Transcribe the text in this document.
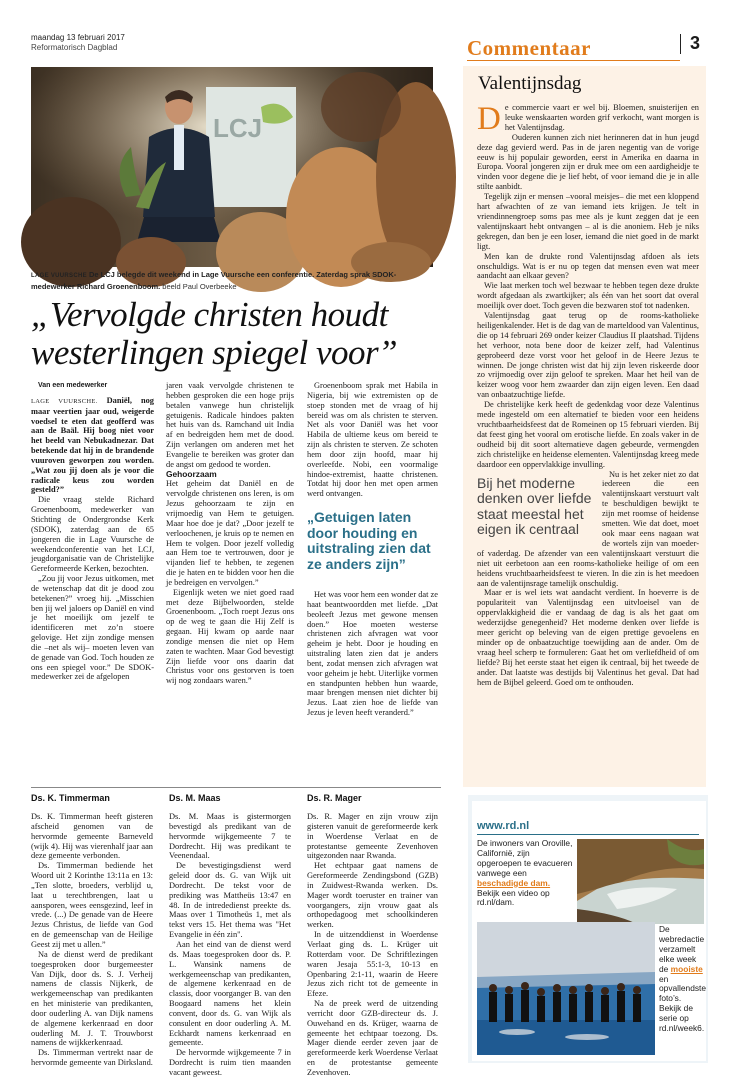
maandag 13 februari 2017
Reformatorisch Dagblad	Commentaar	3
LCJ
LAGE VUURSCHE De LCJ belegde dit weekend in Lage Vuursche een conferentie. Zaterdag sprak SDOK-medewerker Richard Groenenboom. beeld Paul Overbeeke
„Vervolgde christen houdt westerlingen spiegel voor”

Van een medewerker

LAGE VUURSCHE. Daniël, nog maar veertien jaar oud, weigerde voedsel te eten dat geofferd was aan de Baäl. Hij boog niet voor het beeld van Nebukadnezar. Dat betekende dat hij in de brandende vuuroven geworpen zou worden. „Wat zou jij doen als je voor die radicale keus zou worden gesteld?”

Die vraag stelde Richard Groenenboom, medewerker van Stichting de Ondergrondse Kerk (SDOK), zaterdag aan de 65 jongeren die in Lage Vuursche de weekendconferentie van het LCJ, jeugdorganisatie van de Christelijke Gereformeerde Kerken, bezochten.

„Zou jij voor Jezus uitkomen, met de wetenschap dat dit je dood zou betekenen?” vroeg hij. „Misschien ben jij wel jaloers op Daniël en vind je het moeilijk om jezelf te identificeren met zo’n stoere gelovige. Het zijn zondige mensen die –net als wij– moeten leven van de genade van God. Toch houden ze ons een spiegel voor.” De SDOK-medewerker zei de afgelopen

jaren vaak vervolgde christenen te hebben gesproken die een hoge prijs betalen vanwege hun christelijk getuigenis. Radicale hindoes pakten het huis van ds. Ramchand uit India af en bedreigden hem met de dood. Zijn verlangen om anderen met het Evangelie te bereiken was groter dan de angst om gedood te worden.

Gehoorzaam

Het geheim dat Daniël en de vervolgde christenen ons leren, is om Jezus gehoorzaam te zijn en vrijmoedig van Hem te getuigen. Maar hoe doe je dat? „Door jezelf te verloochenen, je kruis op te nemen en Hem te volgen. Door jezelf volledig aan Hem toe te vertrouwen, door je vijanden lief te hebben, te zegenen die je haten en te bidden voor hen die je bedreigen en vervolgen.”

Eigenlijk weten we niet goed raad met deze Bijbelwoorden, stelde Groenenboom. „Toch roept Jezus ons op de weg te gaan die Hij Zelf is gegaan. Hij kwam op aarde naar zondige mensen die niet op Hem zaten te wachten. Maar God bevestigt Zijn liefde voor ons daarin dat Christus voor ons gestorven is toen wij nog zondaars waren.”

Groenenboom sprak met Habila in Nigeria, bij wie extremisten op de stoep stonden met de vraag of hij bereid was om als christen te sterven. Net als voor Daniël was het voor Habila de ultieme keus om bereid te zijn als christen te sterven. Ze schoten hem door zijn hoofd, maar hij overleefde. Nobi, een voormalige hindoe-extremist, haatte christenen. Totdat hij door hen met open armen werd ontvangen.

„Getuigen laten door houding en uitstraling zien dat ze anders zijn”

Het was voor hem een wonder dat ze haat beantwoordden met liefde. „Dat beoleeft Jezus met gewone mensen doen.” Hoe moeten westerse christenen zich afvragen wat voor geheim je hebt. Door je houding en uitstraling laten zien dat je anders bent, zodat mensen zich afvragen wat voor geheim je hebt. Uiterlijke vormen en standpunten hebben hun waarde, maar brengen mensen niet dichter bij Jezus. Laat zien hoe de liefde van Jezus je leven heeft veranderd.”

Valentijnsdag

De commercie vaart er wel bij. Bloemen, snuisterijen en leuke wenskaarten worden grif verkocht, want morgen is het Valentijnsdag.

Ouderen kunnen zich niet herinneren dat in hun jeugd deze dag gevierd werd. Pas in de jaren negentig van de vorige eeuw is hij populair geworden, eerst in Amerika en daarna in Europa. Vooral jongeren zijn er druk mee om een aardigheidje te vinden voor degene die je lief hebt, of voor iemand die je in alle stilte aanbidt.

Tegelijk zijn er mensen –vooral meisjes– die met een kloppend hart afwachten of ze van iemand iets krijgen. Je telt in vriendinnengroep soms pas mee als je kunt zeggen dat je een valentijnskaart hebt ontvangen – al is die anoniem. Heb je niks gekregen, dan ben je een loser, iemand die niet goed in de markt ligt.

Men kan de drukte rond Valentijnsdag afdoen als iets onschuldigs. Wat is er nu op tegen dat mensen even wat meer aandacht aan elkaar geven?

Wie laat merken toch wel bezwaar te hebben tegen deze drukte wordt afgedaan als zwartkijker; als één van het soort dat overal moeilijk over doet. Toch geven die bezwaren stof tot nadenken.

Valentijnsdag gaat terug op de rooms-katholieke heiligenkalender. Het is de dag van de marteldood van Valentinus, die op 14 februari 269 onder keizer Claudius II plaatshad. Tijdens het verhoor, nota bene door de keizer zelf, had Valentinus geprobeerd deze vorst voor het geloof in de Heere Jezus te winnen. De jonge christen wist dat hij zijn leven riskeerde door zo vrijmoedig over zijn geloof te spreken. Maar het heil van de keizer woog voor hem zwaarder dan zijn eigen leven. Een daad van onbaatzuchtige liefde.

De christelijke kerk heeft de gedenkdag voor deze Valentinus mede ingesteld om een alternatief te bieden voor een heidens vruchtbaarheidsfeest dat de Romeinen op 15 februari vierden. Bij dat feest ging het vooral om erotische liefde. En zoals vaker in de oudheid bij dit soort alternatieve dagen gebeurde, vermengden zich christelijke en heidense elementen. Valentijnsdag kreeg mede daardoor een oppervlakkige invulling.

Bij het moderne denken over liefde staat meestal het eigen ik centraal

Nu is het zeker niet zo dat iedereen die een valentijnskaart verstuurt valt te beschuldigen bewijkt te zijn met roomse of heidense smetten. Wie dat doet, moet ook maar eens nagaan wat de wortels zijn van moeder- of vaderdag. De afzender van een valentijnskaart verstuurt die niet uit eerbetoon aan een rooms-katholieke heilige of om een heidens vruchtbaarheidsfeest te vieren. In die zin is het meedoen aan de valentijnsrage tamelijk onschuldig.

Maar er is wel iets wat aandacht verdient. In hoeverre is de populariteit van Valentijnsdag een uitvloeisel van de oppervlakkigheid die er vandaag de dag is als het gaat om wederzijdse genegenheid? Het moderne denken over liefde is meer gericht op beleving van de eigen prettige gevoelens en minder op de onbaatzuchtige toewijding aan de ander. Om de vraag heel scherp te formuleren: Gaat het om verliefdheid of om liefde? Bij het eerste staat het eigen ik centraal, bij het tweede de ander. Dat laatste was destijds bij Valentinus het geval. Dat had hem de Bijbel geleerd. Goed om te onthouden.

Ds. K. Timmerman

Ds. K. Timmerman heeft gisteren afscheid genomen van de hervormde gemeente Barneveld (wijk 4). Hij was vierenhalf jaar aan deze gemeente verbonden.

Ds. Timmerman bediende het Woord uit 2 Korinthe 13:11a en 13: „Ten slotte, broeders, verblijd u, laat u terechtbrengen, laat u aansporen, wees eensgezind, leef in vrede. (...) De genade van de Heere Jezus Christus, de liefde van God en de gemeenschap van de Heilige Geest zij met u allen.”

Na de dienst werd de predikant toegesproken door burgemeester Van Dijk, door ds. S. J. Verheij namens de classis Nijkerk, de werkgemeenschap van predikanten en het ministerie van predikanten, door ouderling A. van Dijk namens de algemene kerkenraad en door ouderling M. J. T. Trouwborst namens de wijkkerkenraad.

Ds. Timmerman vertrekt naar de hervormde gemeente van Dirksland.

Ds. M. Maas

Ds. M. Maas is gistermorgen bevestigd als predikant van de hervormde wijkgemeente 7 te Dordrecht. Hij was predikant te Veenendaal.

De bevestigingsdienst werd geleid door ds. G. van Wijk uit Dordrecht. De tekst voor de prediking was Mattheüs 13:47 en 48. In de intrededienst preekte ds. Maas over 1 Timotheüs 1, met als tekst vers 15. Het thema was "Het Evangelie in één zin".

Aan het eind van de dienst werd ds. Maas toegesproken door ds. P. L. Wansink namens de werkgemeenschap van predikanten, de algemene kerkenraad en de classis, door voorganger B. van den Boogaard namens het klein convent, door ds. G. van Wijk als consulent en door ouderling A. M. Eckhardt namens kerkenraad en gemeente.

De hervormde wijkgemeente 7 in Dordrecht is ruim tien maanden vacant geweest.

Ds. R. Mager

Ds. R. Mager en zijn vrouw zijn gisteren vanuit de gereformeerde kerk in Woerdense Verlaat en de protestantse gemeente Zevenhoven uitgezonden naar Rwanda.

Het echtpaar gaat namens de Gereformeerde Zendingsbond (GZB) in Zuidwest-Rwanda werken. Ds. Mager wordt toeruster en trainer van voorgangers, zijn vrouw gaat als orthopedagoog met schoolkinderen werken.

In de uitzenddienst in Woerdense Verlaat ging ds. L. Krüger uit Rotterdam voor. De Schriftlezingen waren Jesaja 55:1-3, 10-13 en Openbaring 2:1-11, waarin de Heere Jezus zich richt tot de gemeente in Efeze.

Na de preek werd de uitzending verricht door GZB-directeur ds. J. Ouwehand en ds. Krüger, waarna de gemeente het echtpaar toezong. Ds. Mager diende eerder zeven jaar de gereformeerde kerk Woerdense Verlaat en de protestantse gemeente Zevenhoven.

www.rd.nl
De inwoners van Oroville, Californië, zijn opgeroepen te evacueren vanwege een beschadigde dam. Bekijk een video op rd.nl/dam.
De webredactie verzamelt elke week de mooiste en opvallendste foto’s. Bekijk de serie op rd.nl/week6.
